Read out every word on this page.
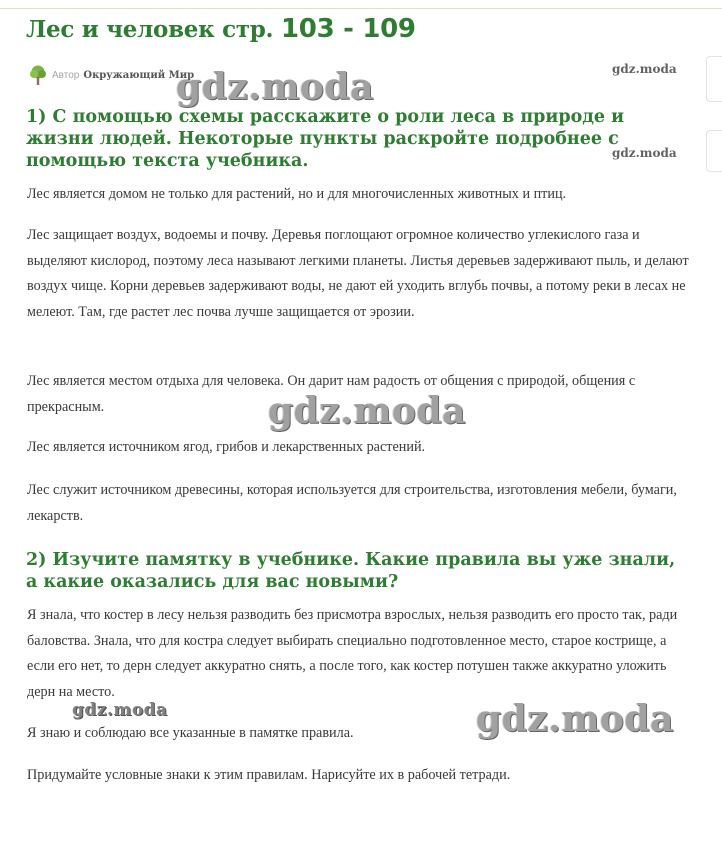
Лес и человек стр. 103 - 109
Автор Окружающий Мир
1) С помощью схемы расскажите о роли леса в природе и жизни людей. Некоторые пункты раскройте подробнее с помощью текста учебника.

Лес является домом не только для растений, но и для многочисленных животных и птиц.

Лес защищает воздух, водоемы и почву. Деревья поглощают огромное количество углекислого газа и выделяют кислород, поэтому леса называют легкими планеты. Листья деревьев задерживают пыль, и делают воздух чище. Корни деревьев задерживают воды, не дают ей уходить вглубь почвы, а потому реки в лесах не мелеют. Там, где растет лес почва лучше защищается от эрозии.

Лес является местом отдыха для человека. Он дарит нам радость от общения с природой, общения с прекрасным.

Лес является источником ягод, грибов и лекарственных растений.

Лес служит источником древесины, которая используется для строительства, изготовления мебели, бумаги, лекарств.

2) Изучите памятку в учебнике. Какие правила вы уже знали, а какие оказались для вас новыми?

Я знала, что костер в лесу нельзя разводить без присмотра взрослых, нельзя разводить его просто так, ради баловства. Знала, что для костра следует выбирать специально подготовленное место, старое кострище, а если его нет, то дерн следует аккуратно снять, а после того, как костер потушен также аккуратно уложить дерн на место.

Я знаю и соблюдаю все указанные в памятке правила.

Придумайте условные знаки к этим правилам. Нарисуйте их в рабочей тетради.

gdz.moda	gdz.moda
gdz.moda
gdz.moda
gdz.moda	gdz.moda
